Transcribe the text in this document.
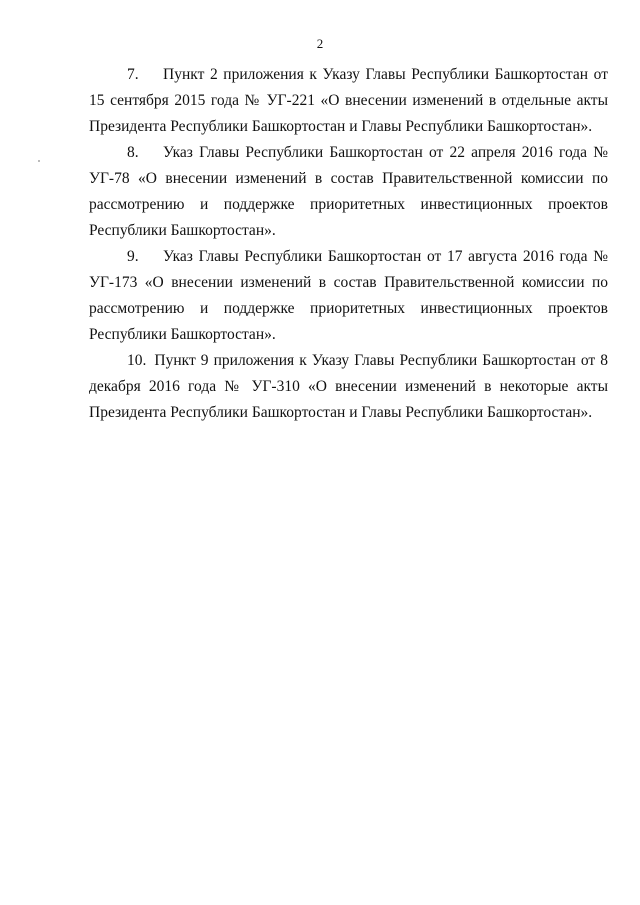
2

7. Пункт 2 приложения к Указу Главы Республики Башкортостан от 15 сентября 2015 года № УГ-221 «О внесении изменений в отдельные акты Президента Республики Башкортостан и Главы Республики Башкортостан».

8. Указ Главы Республики Башкортостан от 22 апреля 2016 года № УГ-78 «О внесении изменений в состав Правительственной комиссии по рассмотрению и поддержке приоритетных инвестиционных проектов Республики Башкортостан».

9. Указ Главы Республики Башкортостан от 17 августа 2016 года № УГ-173 «О внесении изменений в состав Правительственной комиссии по рассмотрению и поддержке приоритетных инвестиционных проектов Республики Башкортостан».

10. Пункт 9 приложения к Указу Главы Республики Башкортостан от 8 декабря 2016 года № УГ-310 «О внесении изменений в некоторые акты Президента Республики Башкортостан и Главы Республики Башкортостан».
